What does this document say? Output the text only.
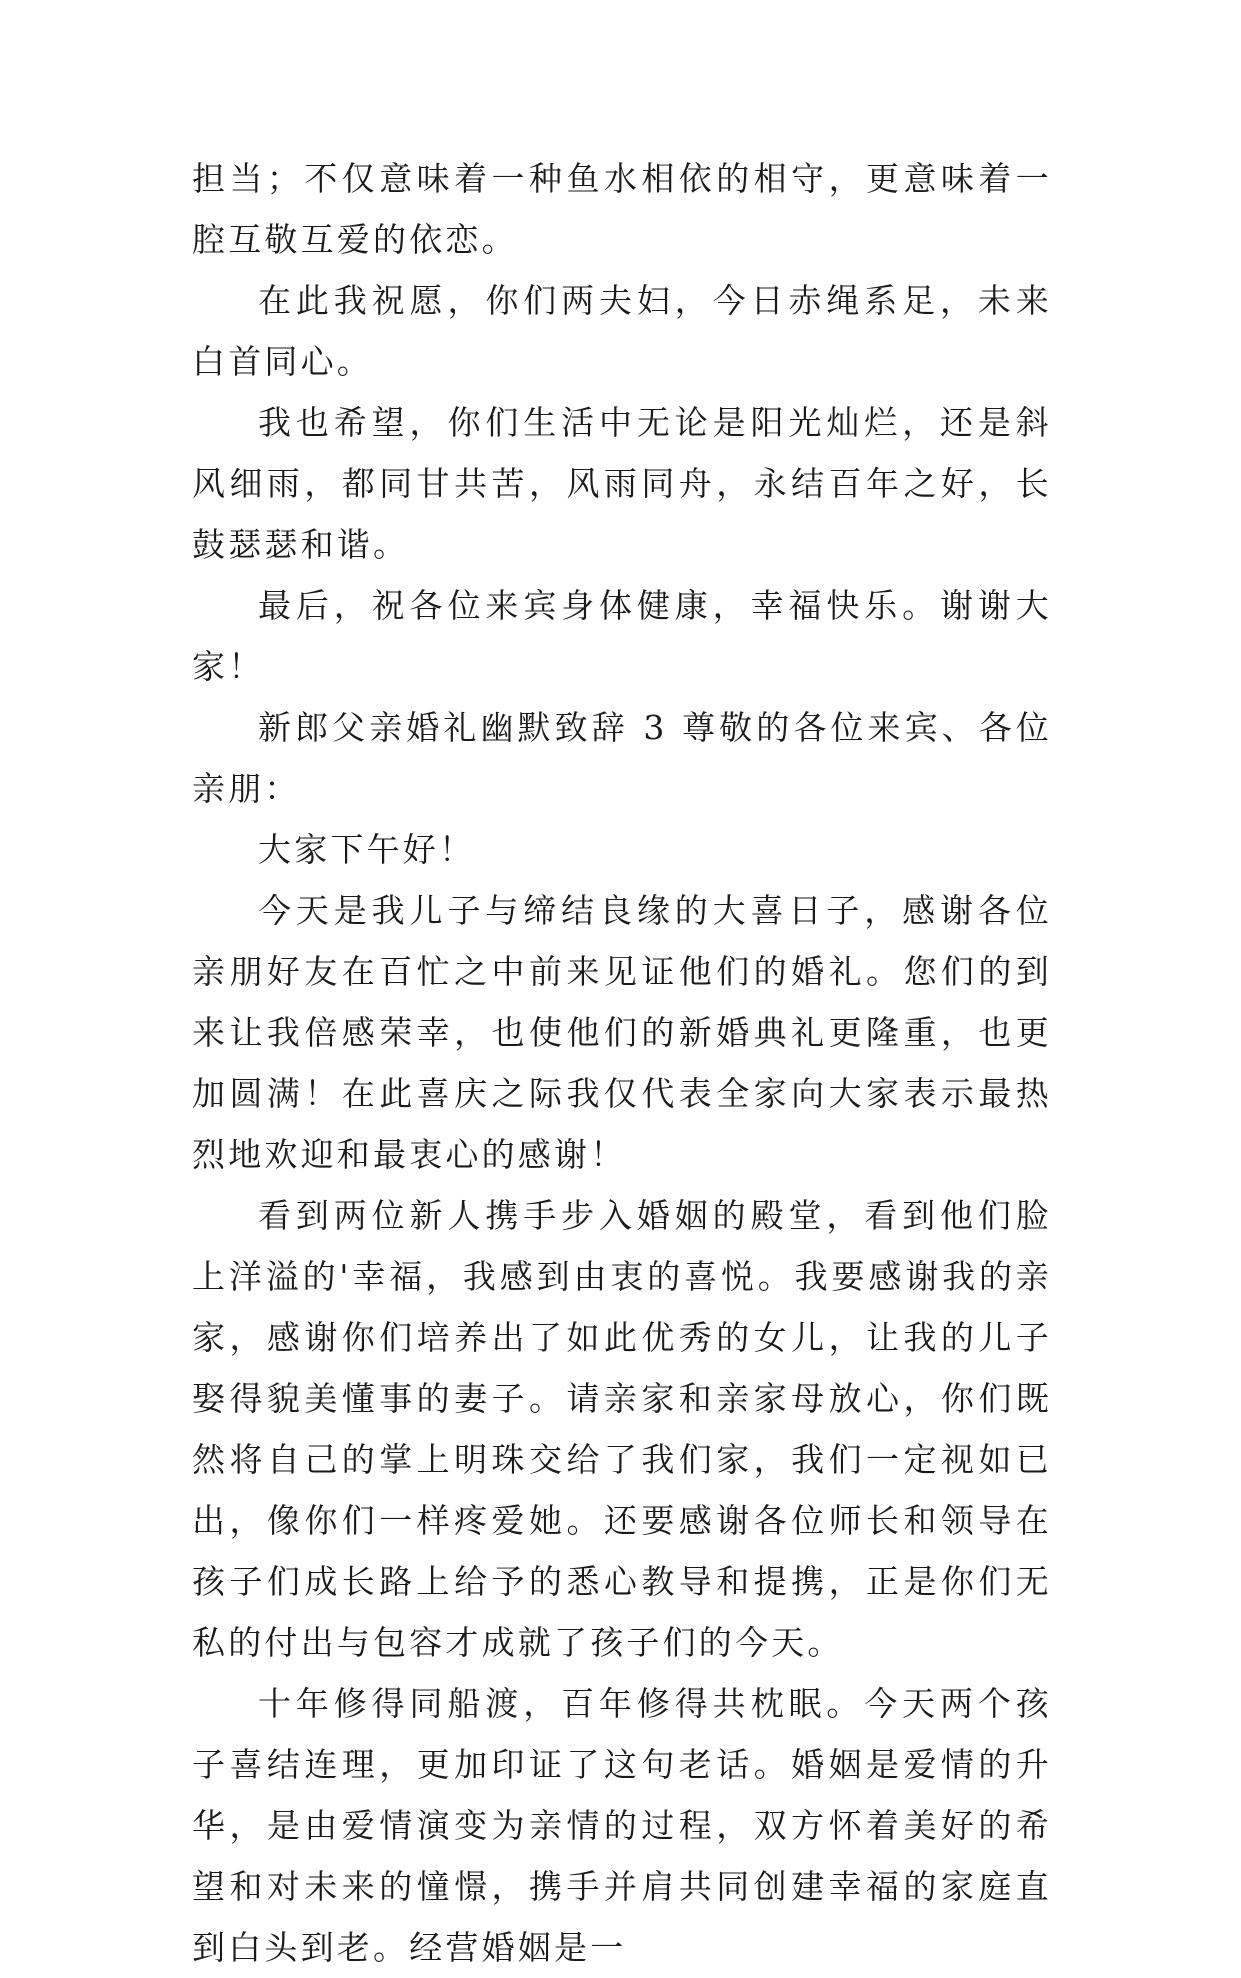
担当；不仅意味着一种鱼水相依的相守，更意味着一腔互敬互爱的依恋。

在此我祝愿，你们两夫妇，今日赤绳系足，未来白首同心。

我也希望，你们生活中无论是阳光灿烂，还是斜风细雨，都同甘共苦，风雨同舟，永结百年之好，长鼓瑟瑟和谐。

最后，祝各位来宾身体健康，幸福快乐。谢谢大家！

新郎父亲婚礼幽默致辞 3 尊敬的各位来宾、各位亲朋：

大家下午好！

今天是我儿子与缔结良缘的大喜日子，感谢各位亲朋好友在百忙之中前来见证他们的婚礼。您们的到来让我倍感荣幸，也使他们的新婚典礼更隆重，也更加圆满！在此喜庆之际我仅代表全家向大家表示最热烈地欢迎和最衷心的感谢！

看到两位新人携手步入婚姻的殿堂，看到他们脸上洋溢的'幸福，我感到由衷的喜悦。我要感谢我的亲家，感谢你们培养出了如此优秀的女儿，让我的儿子娶得貌美懂事的妻子。请亲家和亲家母放心，你们既然将自己的掌上明珠交给了我们家，我们一定视如已出，像你们一样疼爱她。还要感谢各位师长和领导在孩子们成长路上给予的悉心教导和提携，正是你们无私的付出与包容才成就了孩子们的今天。

十年修得同船渡，百年修得共枕眠。今天两个孩子喜结连理，更加印证了这句老话。婚姻是爱情的升华，是由爱情演变为亲情的过程，双方怀着美好的希望和对未来的憧憬，携手并肩共同创建幸福的家庭直到白头到老。经营婚姻是一
